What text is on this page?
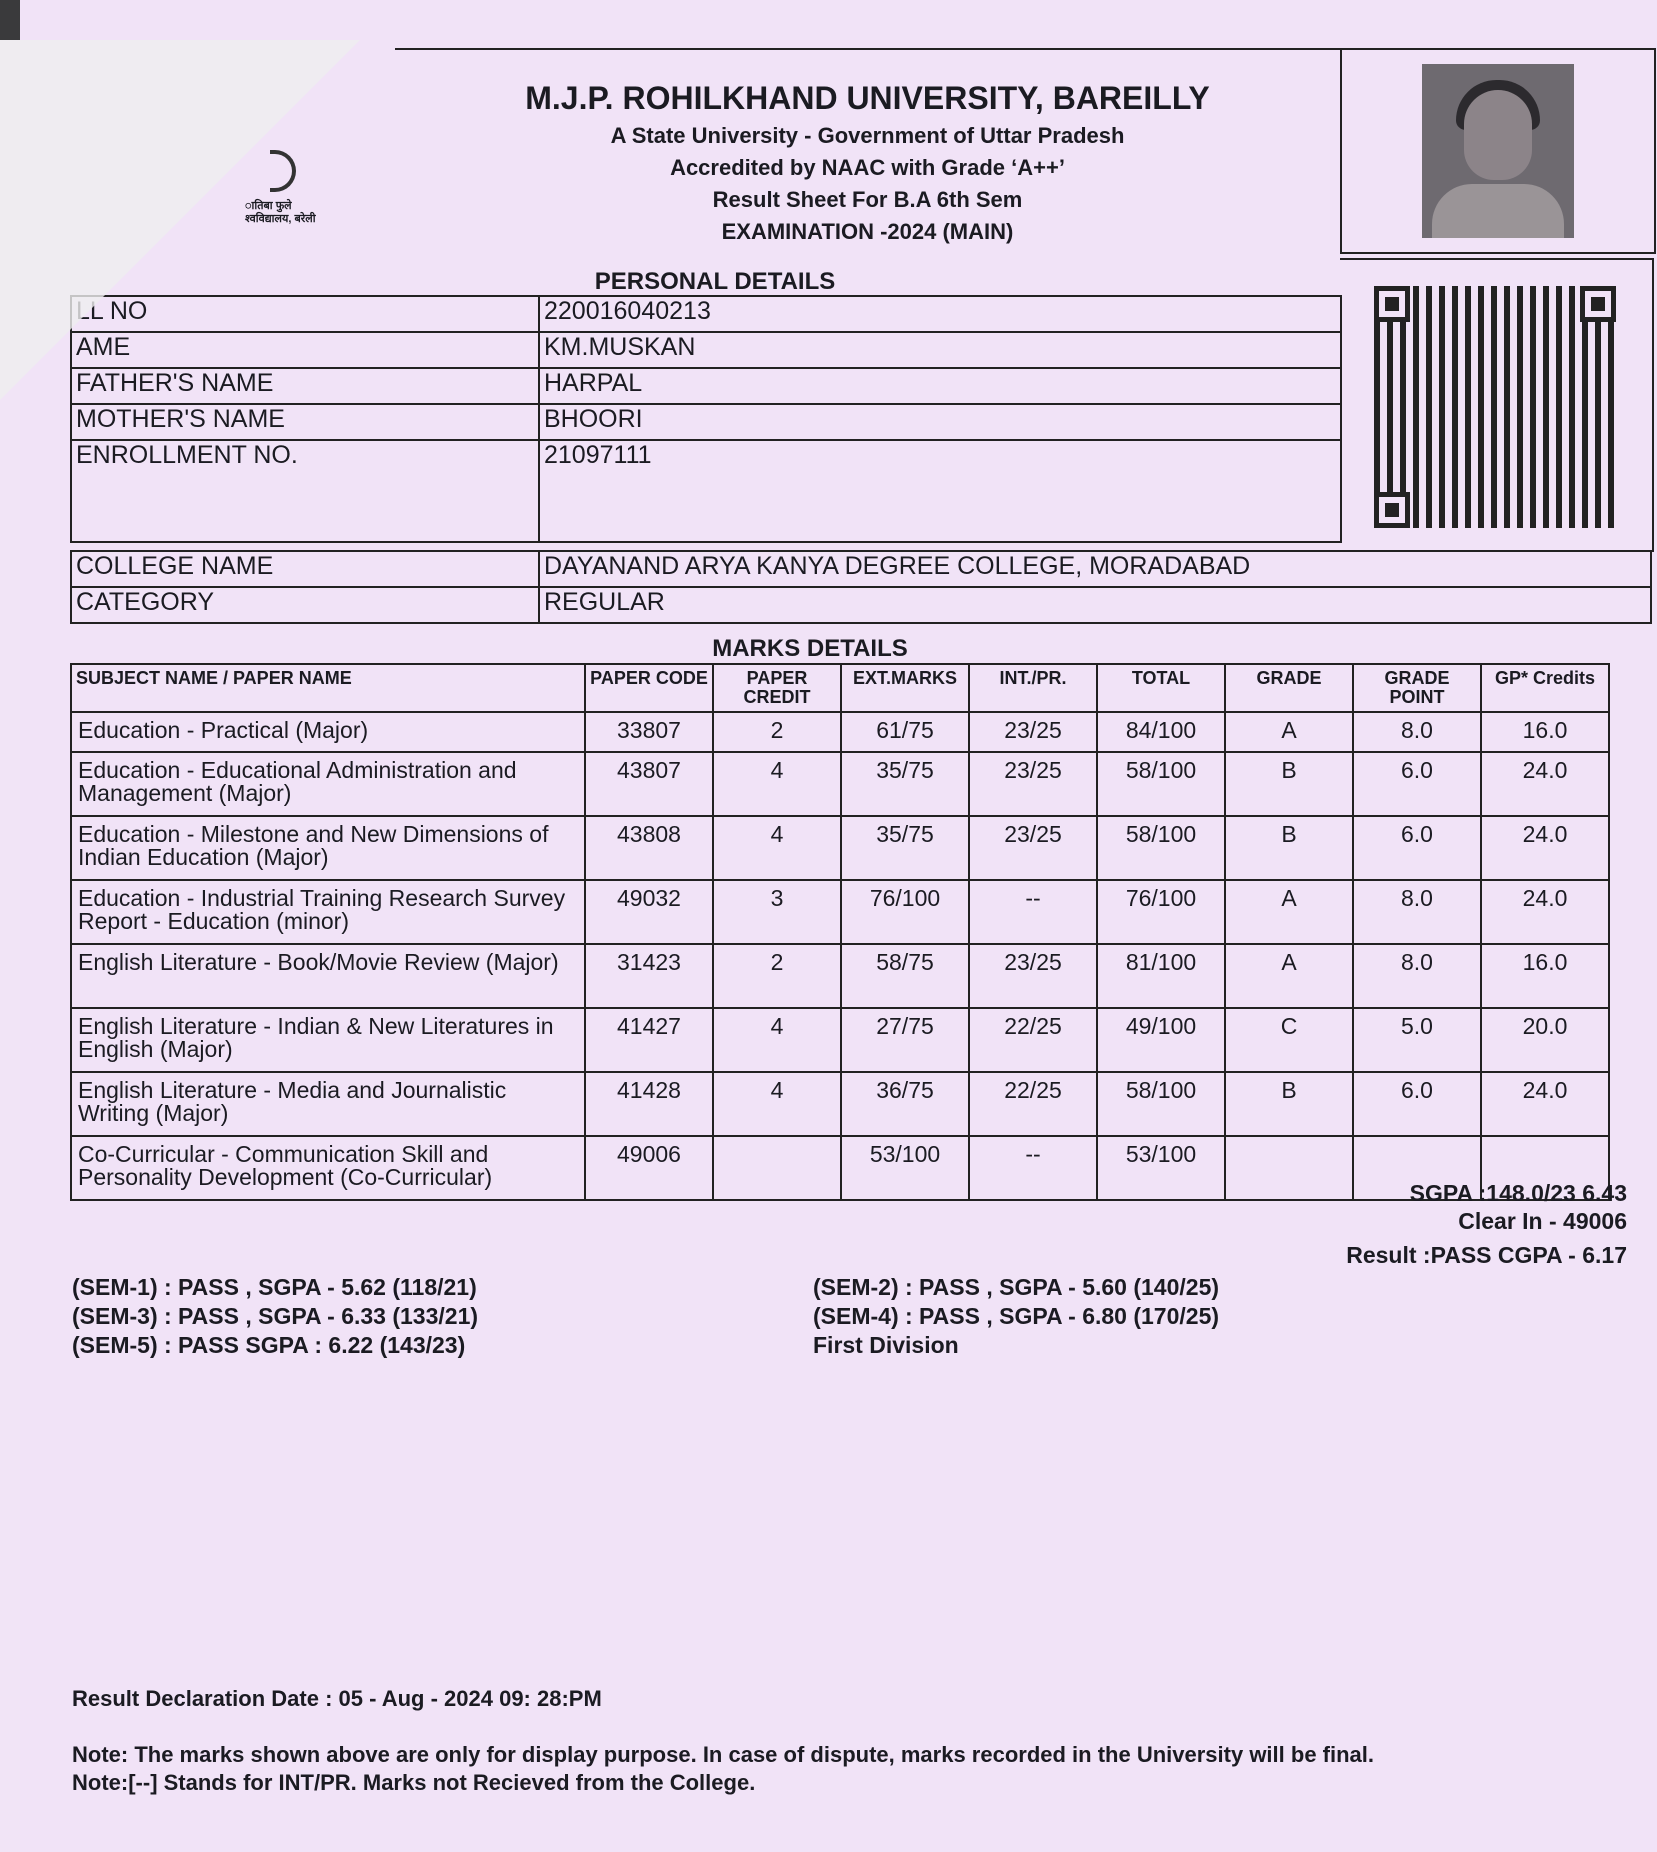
M.J.P. ROHILKHAND UNIVERSITY, BAREILLY
A State University - Government of Uttar Pradesh
Accredited by NAAC with Grade ‘A++’
Result Sheet For B.A 6th Sem
EXAMINATION -2024 (MAIN)
ातिबा फुले
श्वविद्यालय, बरेली
PERSONAL DETAILS
LL NO	220016040213
AME	KM.MUSKAN
FATHER'S NAME	HARPAL
MOTHER'S NAME	BHOORI
ENROLLMENT NO.	21097111
COLLEGE NAME	DAYANAND ARYA KANYA DEGREE COLLEGE, MORADABAD
CATEGORY	REGULAR
MARKS DETAILS
SUBJECT NAME / PAPER NAME	PAPER CODE	PAPER CREDIT	EXT.MARKS	INT./PR.	TOTAL	GRADE	GRADE POINT	GP* Credits
Education - Practical (Major)	33807	2	61/75	23/25	84/100	A	8.0	16.0
Education - Educational Administration and Management (Major)	43807	4	35/75	23/25	58/100	B	6.0	24.0
Education - Milestone and New Dimensions of Indian Education (Major)	43808	4	35/75	23/25	58/100	B	6.0	24.0
Education - Industrial Training Research Survey Report - Education (minor)	49032	3	76/100	--	76/100	A	8.0	24.0
English Literature - Book/Movie Review (Major)	31423	2	58/75	23/25	81/100	A	8.0	16.0
English Literature - Indian & New Literatures in English (Major)	41427	4	27/75	22/25	49/100	C	5.0	20.0
English Literature - Media and Journalistic Writing (Major)	41428	4	36/75	22/25	58/100	B	6.0	24.0
Co-Curricular - Communication Skill and Personality Development (Co-Curricular)	49006		53/100	--	53/100			
SGPA :148.0/23 6.43
Clear In - 49006
Result :PASS CGPA - 6.17
(SEM-1) : PASS , SGPA - 5.62 (118/21)
(SEM-3) : PASS , SGPA - 6.33 (133/21)
(SEM-5) : PASS SGPA : 6.22 (143/23)
(SEM-2) : PASS , SGPA - 5.60 (140/25)
(SEM-4) : PASS , SGPA - 6.80 (170/25)
First Division
Result Declaration Date : 05 - Aug - 2024 09: 28:PM
Note: The marks shown above are only for display purpose. In case of dispute, marks recorded in the University will be final.
Note:[--] Stands for INT/PR. Marks not Recieved from the College.
